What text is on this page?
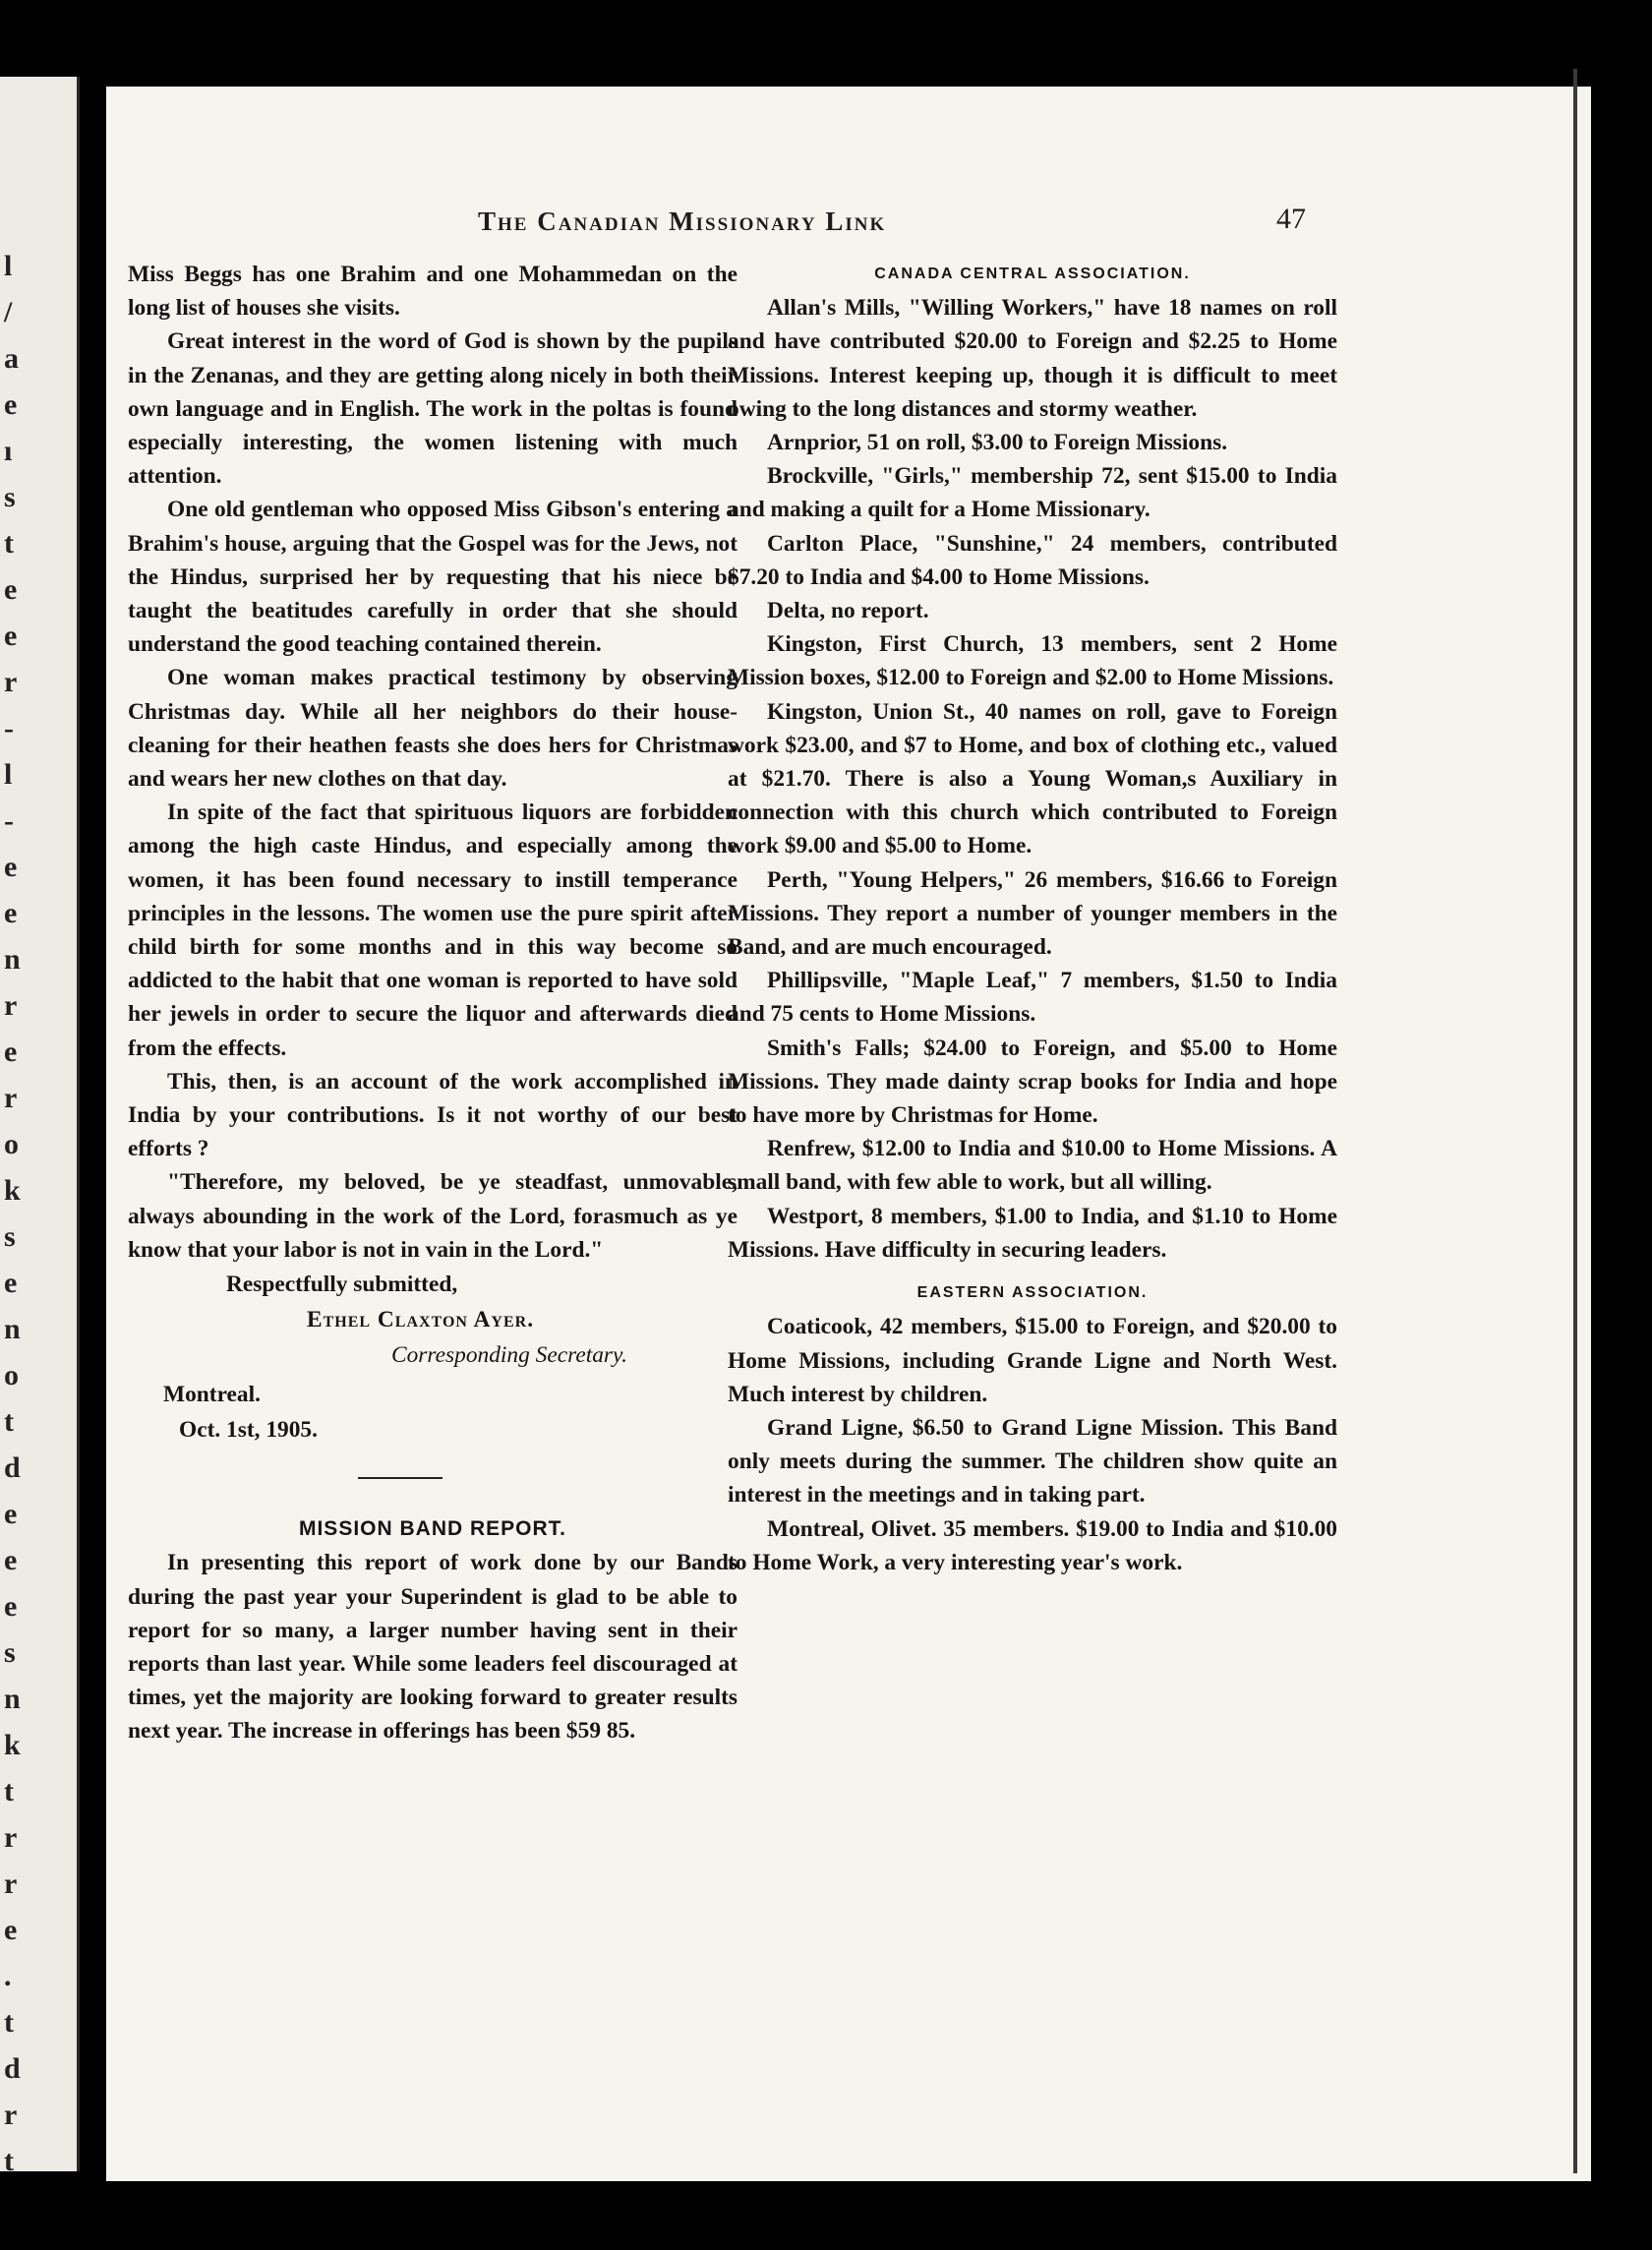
l
/
a
e
ı
s
t
e
e
r
-
l
-
e
e
n
r
e
r
o
k
s
e
n
o
t
d
e
e
e
s
n
k
t
r
r
e
.
t
d
r
t
The Canadian Missionary Link	47

Miss Beggs has one Brahim and one Mohammedan on the long list of houses she visits.

Great interest in the word of God is shown by the pupils in the Zenanas, and they are getting along nicely in both their own language and in English. The work in the poltas is found especially interesting, the women listening with much attention.

One old gentleman who opposed Miss Gibson's entering a Brahim's house, arguing that the Gospel was for the Jews, not the Hindus, surprised her by requesting that his niece be taught the beatitudes carefully in order that she should understand the good teaching contained therein.

One woman makes practical testimony by observing Christmas day. While all her neighbors do their house-cleaning for their heathen feasts she does hers for Christmas and wears her new clothes on that day.

In spite of the fact that spirituous liquors are forbidden among the high caste Hindus, and especially among the women, it has been found necessary to instill temperance principles in the lessons. The women use the pure spirit after child birth for some months and in this way become so addicted to the habit that one woman is reported to have sold her jewels in order to secure the liquor and afterwards died from the effects.

This, then, is an account of the work accomplished in India by your contributions. Is it not worthy of our best efforts ?

"Therefore, my beloved, be ye steadfast, unmovable, always abounding in the work of the Lord, forasmuch as ye know that your labor is not in vain in the Lord."

Respectfully submitted,

Ethel Claxton Ayer.

Corresponding Secretary.

Montreal.

Oct. 1st, 1905.

MISSION BAND REPORT.

In presenting this report of work done by our Bands during the past year your Superindent is glad to be able to report for so many, a larger number having sent in their reports than last year. While some leaders feel discouraged at times, yet the majority are looking forward to greater results next year. The increase in offerings has been $59 85.

CANADA CENTRAL ASSOCIATION.

Allan's Mills, "Willing Workers," have 18 names on roll and have contributed $20.00 to Foreign and $2.25 to Home Missions. Interest keeping up, though it is difficult to meet owing to the long distances and stormy weather.

Arnprior, 51 on roll, $3.00 to Foreign Missions.

Brockville, "Girls," membership 72, sent $15.00 to India and making a quilt for a Home Missionary.

Carlton Place, "Sunshine," 24 members, contributed $7.20 to India and $4.00 to Home Missions.

Delta, no report.

Kingston, First Church, 13 members, sent 2 Home Mission boxes, $12.00 to Foreign and $2.00 to Home Missions.

Kingston, Union St., 40 names on roll, gave to Foreign work $23.00, and $7 to Home, and box of clothing etc., valued at $21.70. There is also a Young Woman,s Auxiliary in connection with this church which contributed to Foreign work $9.00 and $5.00 to Home.

Perth, "Young Helpers," 26 members, $16.66 to Foreign Missions. They report a number of younger members in the Band, and are much encouraged.

Phillipsville, "Maple Leaf," 7 members, $1.50 to India and 75 cents to Home Missions.

Smith's Falls; $24.00 to Foreign, and $5.00 to Home Missions. They made dainty scrap books for India and hope to have more by Christmas for Home.

Renfrew, $12.00 to India and $10.00 to Home Missions. A small band, with few able to work, but all willing.

Westport, 8 members, $1.00 to India, and $1.10 to Home Missions. Have difficulty in securing leaders.

EASTERN ASSOCIATION.

Coaticook, 42 members, $15.00 to Foreign, and $20.00 to Home Missions, including Grande Ligne and North West. Much interest by children.

Grand Ligne, $6.50 to Grand Ligne Mission. This Band only meets during the summer. The children show quite an interest in the meetings and in taking part.

Montreal, Olivet. 35 members. $19.00 to India and $10.00 to Home Work, a very interesting year's work.
